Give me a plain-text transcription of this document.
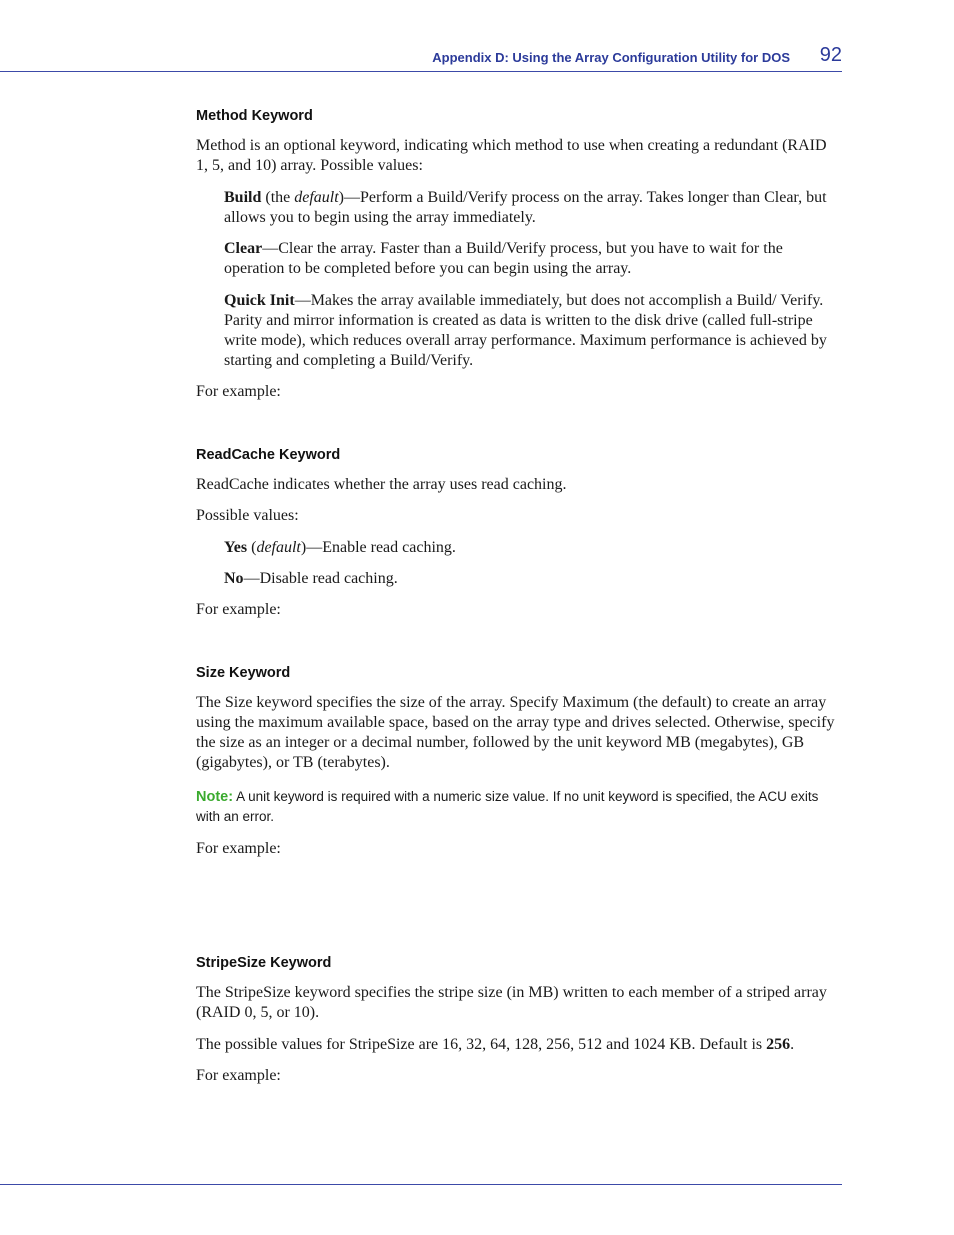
Appendix D: Using the Array Configuration Utility for DOS	92
Method Keyword
Method is an optional keyword, indicating which method to use when creating a redundant (RAID 1, 5, and 10) array. Possible values:
Build (the default)—Perform a Build/Verify process on the array. Takes longer than Clear, but allows you to begin using the array immediately.
Clear—Clear the array. Faster than a Build/Verify process, but you have to wait for the operation to be completed before you can begin using the array.
Quick Init—Makes the array available immediately, but does not accomplish a Build/ Verify. Parity and mirror information is created as data is written to the disk drive (called full-stripe write mode), which reduces overall array performance. Maximum performance is achieved by starting and completing a Build/Verify.
For example:
ReadCache Keyword
ReadCache indicates whether the array uses read caching.
Possible values:
Yes (default)—Enable read caching.
No—Disable read caching.
For example:
Size Keyword
The Size keyword specifies the size of the array. Specify Maximum (the default) to create an array using the maximum available space, based on the array type and drives selected. Otherwise, specify the size as an integer or a decimal number, followed by the unit keyword MB (megabytes), GB (gigabytes), or TB (terabytes).
Note: A unit keyword is required with a numeric size value. If no unit keyword is specified, the ACU exits with an error.
For example:
StripeSize Keyword
The StripeSize keyword specifies the stripe size (in MB) written to each member of a striped array (RAID 0, 5, or 10).
The possible values for StripeSize are 16, 32, 64, 128, 256, 512 and 1024 KB. Default is 256.
For example:
